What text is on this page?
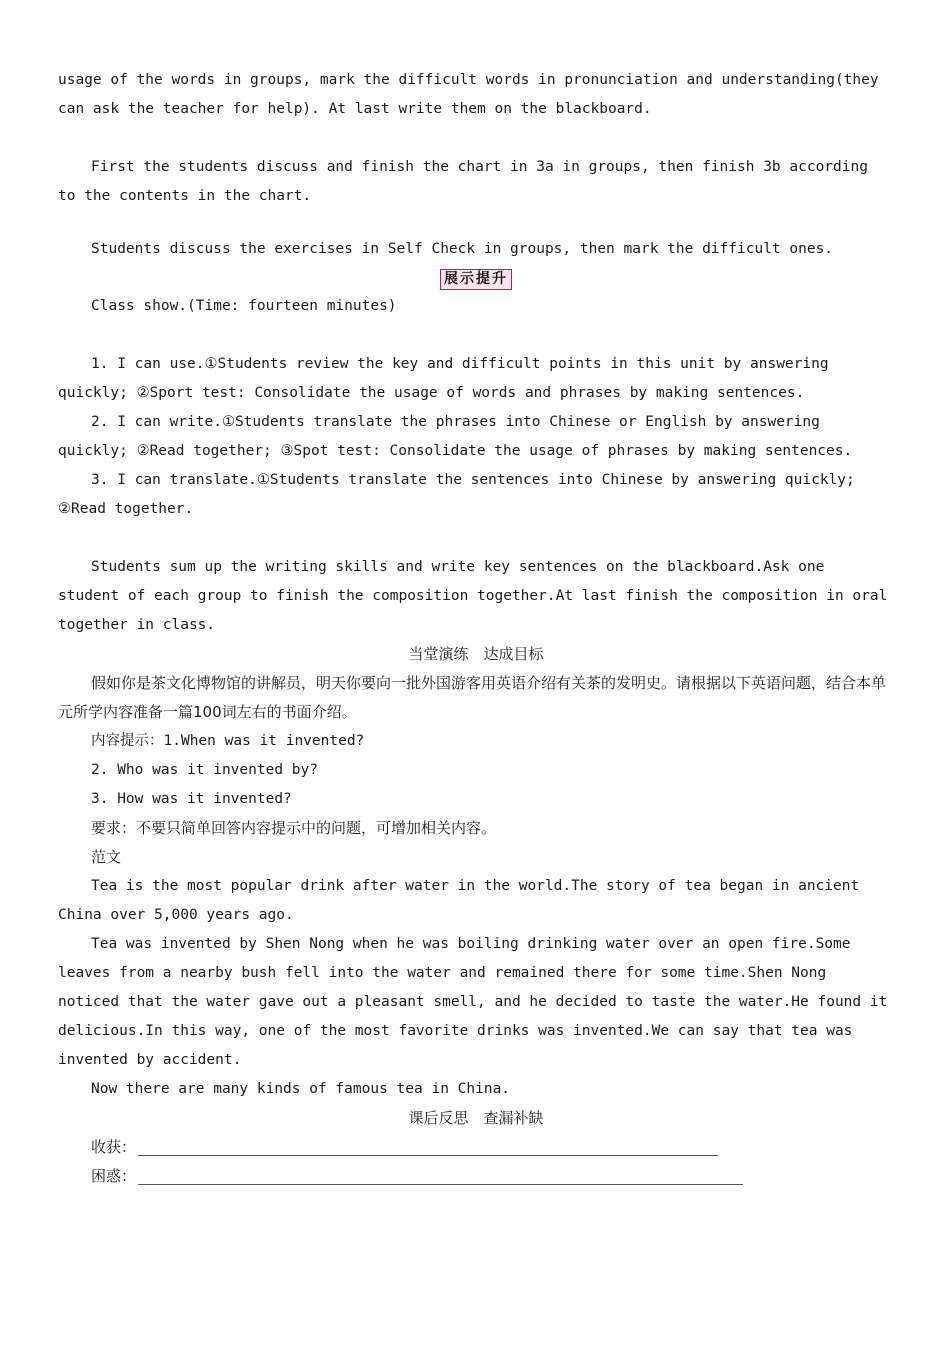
usage of the words in groups, mark the difficult words in pronunciation and understanding(they can ask the teacher for help). At last write them on the blackboard.

First the students discuss and finish the chart in 3a in groups, then finish 3b according to the contents in the chart.

Students discuss the exercises in Self Check in groups, then mark the difficult ones.

展示提升

Class show.(Time: fourteen minutes)

1. I can use.①Students review the key and difficult points in this unit by answering quickly; ②Sport test: Consolidate the usage of words and phrases by making sentences.

2. I can write.①Students translate the phrases into Chinese or English by answering quickly; ②Read together; ③Spot test: Consolidate the usage of phrases by making sentences.

3. I can translate.①Students translate the sentences into Chinese by answering quickly; ②Read together.

Students sum up the writing skills and write key sentences on the blackboard.Ask one student of each group to finish the composition together.At last finish the composition in oral together in class.

当堂演练　达成目标

假如你是茶文化博物馆的讲解员，明天你要向一批外国游客用英语介绍有关茶的发明史。请根据以下英语问题，结合本单元所学内容准备一篇100词左右的书面介绍。

内容提示：1.When was it invented?

2. Who was it invented by?

3. How was it invented?

要求：不要只简单回答内容提示中的问题，可增加相关内容。

范文

Tea is the most popular drink after water in the world.The story of tea began in ancient China over 5,000 years ago.

Tea was invented by Shen Nong when he was boiling drinking water over an open fire.Some leaves from a nearby bush fell into the water and remained there for some time.Shen Nong noticed that the water gave out a pleasant smell, and he decided to taste the water.He found it delicious.In this way, one of the most favorite drinks was invented.We can say that tea was invented by accident.

Now there are many kinds of famous tea in China.

课后反思　查漏补缺

收获：
困惑：
